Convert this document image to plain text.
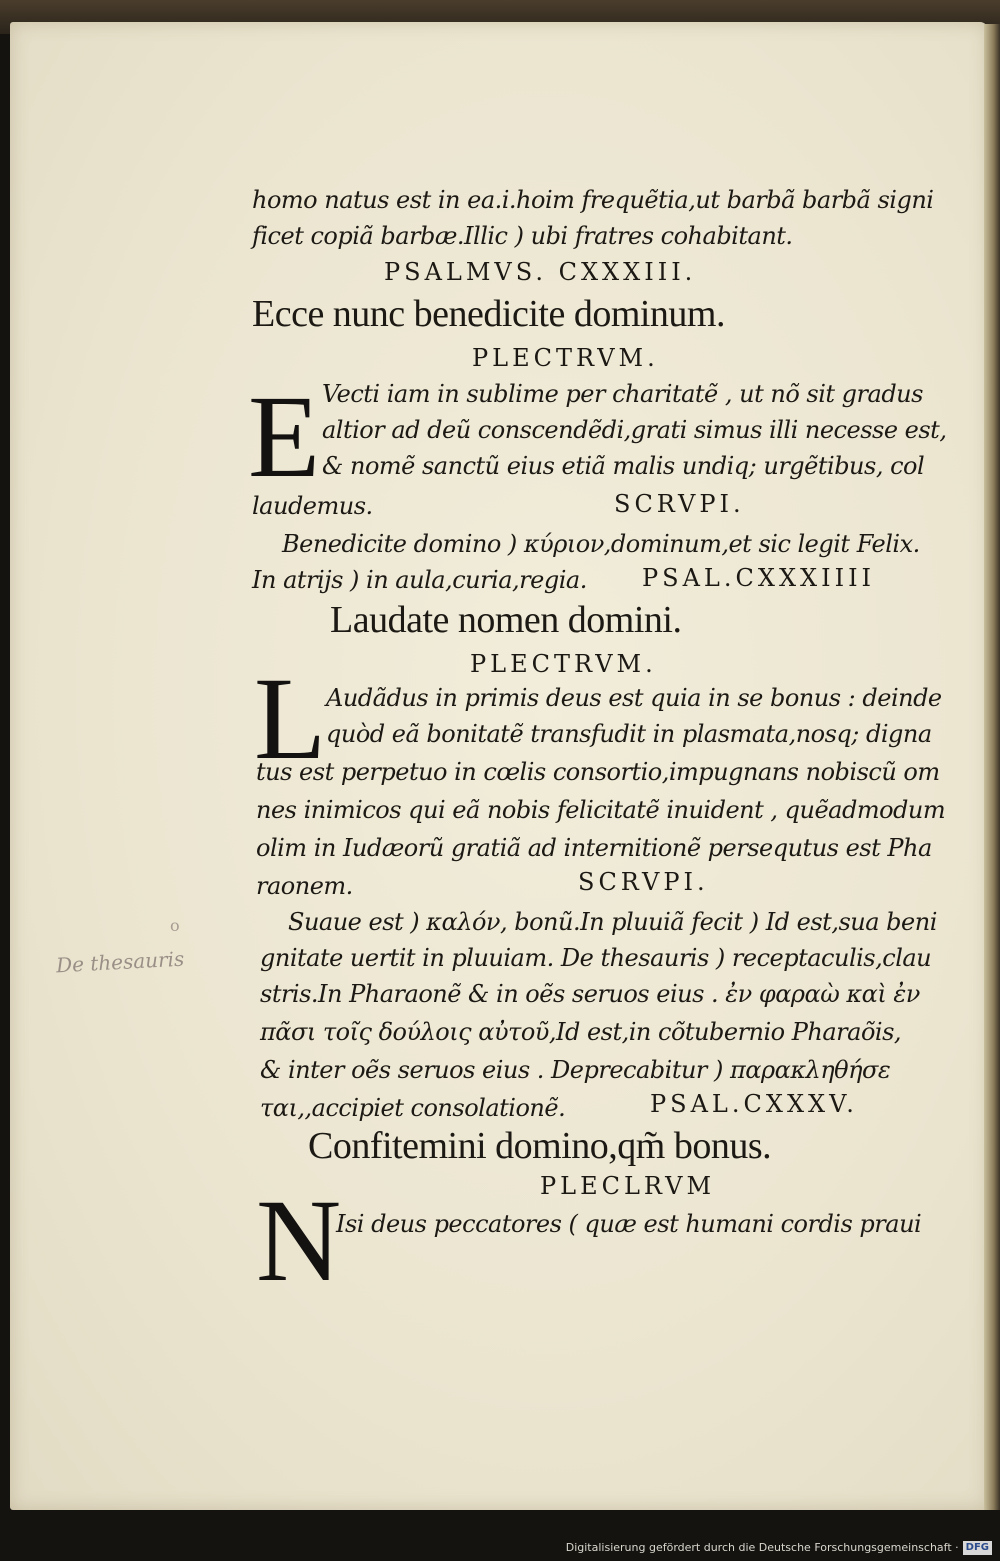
homo natus est in ea.i.hoim frequẽtia,ut barbã barbã signi
ficet copiã barbæ.Illic ) ubi fratres cohabitant.
PSALMVS. CXXXIII.
Ecce nunc benedicite dominum.
PLECTRVM.
E Vecti iam in sublime per charitatẽ , ut nõ sit gradus
altior ad deũ conscendẽdi,grati simus illi necesse est,
& nomẽ sanctũ eius etiã malis undiq; urgẽtibus, col
laudemus.	SCRVPI.
Benedicite domino ) κύριον,dominum,et sic legit Felix.
In atrijs ) in aula,curia,regia. PSAL.CXXXIIII
Laudate nomen domini.
PLECTRVM.
L Audãdus in primis deus est quia in se bonus : deinde
quòd eã bonitatẽ transfudit in plasmata,nosq; digna
tus est perpetuo in cœlis consortio,impugnans nobiscũ om
nes inimicos qui eã nobis felicitatẽ inuident , quẽadmodum
olim in Iudæorũ gratiã ad internitionẽ persequtus est Pha
raonem.	SCRVPI.
Suaue est ) καλόν, bonũ.In pluuiã fecit ) Id est,sua beni
gnitate uertit in pluuiam. De thesauris ) receptaculis,clau
stris.In Pharaonẽ & in oẽs seruos eius . ἐν φαραὼ καὶ ἐν
πᾶσι τοῖς δούλοις αὐτοῦ,Id est,in cõtubernio Pharaõis,
& inter oẽs seruos eius . Deprecabitur ) παρακληθήσε
ται,,accipiet consolationẽ.	PSAL.CXXXV.
Confitemini domino,qm̃ bonus.
PLECLRVM
N
Isi deus peccatores ( quæ est humani cordis praui
o
De thesauris
Digitalisierung gefördert durch die Deutsche Forschungsgemeinschaft · DFG
